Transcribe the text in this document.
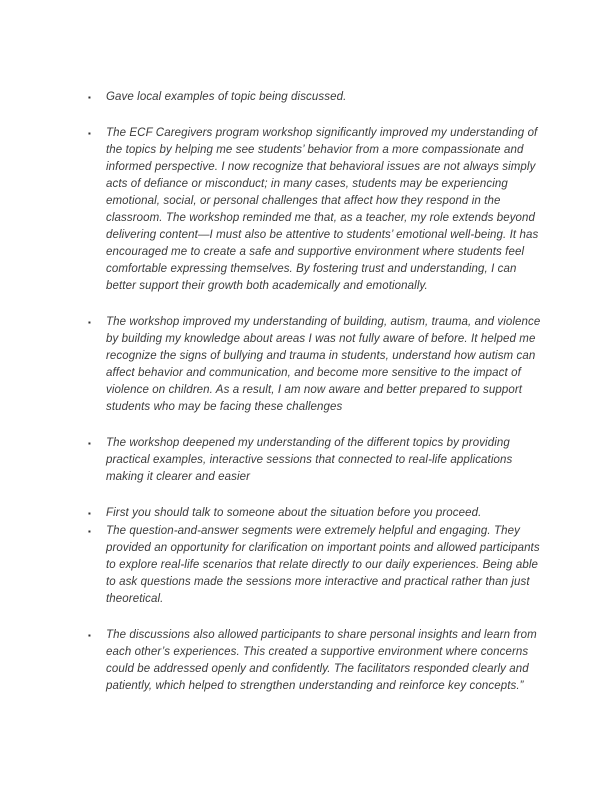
▪	Gave local examples of topic being discussed.

▪	The ECF Caregivers program workshop significantly improved my understanding of the topics by helping me see students’ behavior from a more compassionate and informed perspective. I now recognize that behavioral issues are not always simply acts of defiance or misconduct; in many cases, students may be experiencing emotional, social, or personal challenges that affect how they respond in the classroom. The workshop reminded me that, as a teacher, my role extends beyond delivering content—I must also be attentive to students’ emotional well-being. It has encouraged me to create a safe and supportive environment where students feel comfortable expressing themselves. By fostering trust and understanding, I can better support their growth both academically and emotionally.

▪	The workshop improved my understanding of building, autism, trauma, and violence by building my knowledge about areas I was not fully aware of before. It helped me recognize the signs of bullying and trauma in students, understand how autism can affect behavior and communication, and become more sensitive to the impact of violence on children. As a result, I am now aware and better prepared to support students who may be facing these challenges

▪	The workshop deepened my understanding of the different topics by providing practical examples, interactive sessions that connected to real-life applications making it clearer and easier

▪	First you should talk to someone about the situation before you proceed.

▪	The question-and-answer segments were extremely helpful and engaging. They provided an opportunity for clarification on important points and allowed participants to explore real-life scenarios that relate directly to our daily experiences. Being able to ask questions made the sessions more interactive and practical rather than just theoretical.

▪	The discussions also allowed participants to share personal insights and learn from each other’s experiences. This created a supportive environment where concerns could be addressed openly and confidently. The facilitators responded clearly and patiently, which helped to strengthen understanding and reinforce key concepts.”
